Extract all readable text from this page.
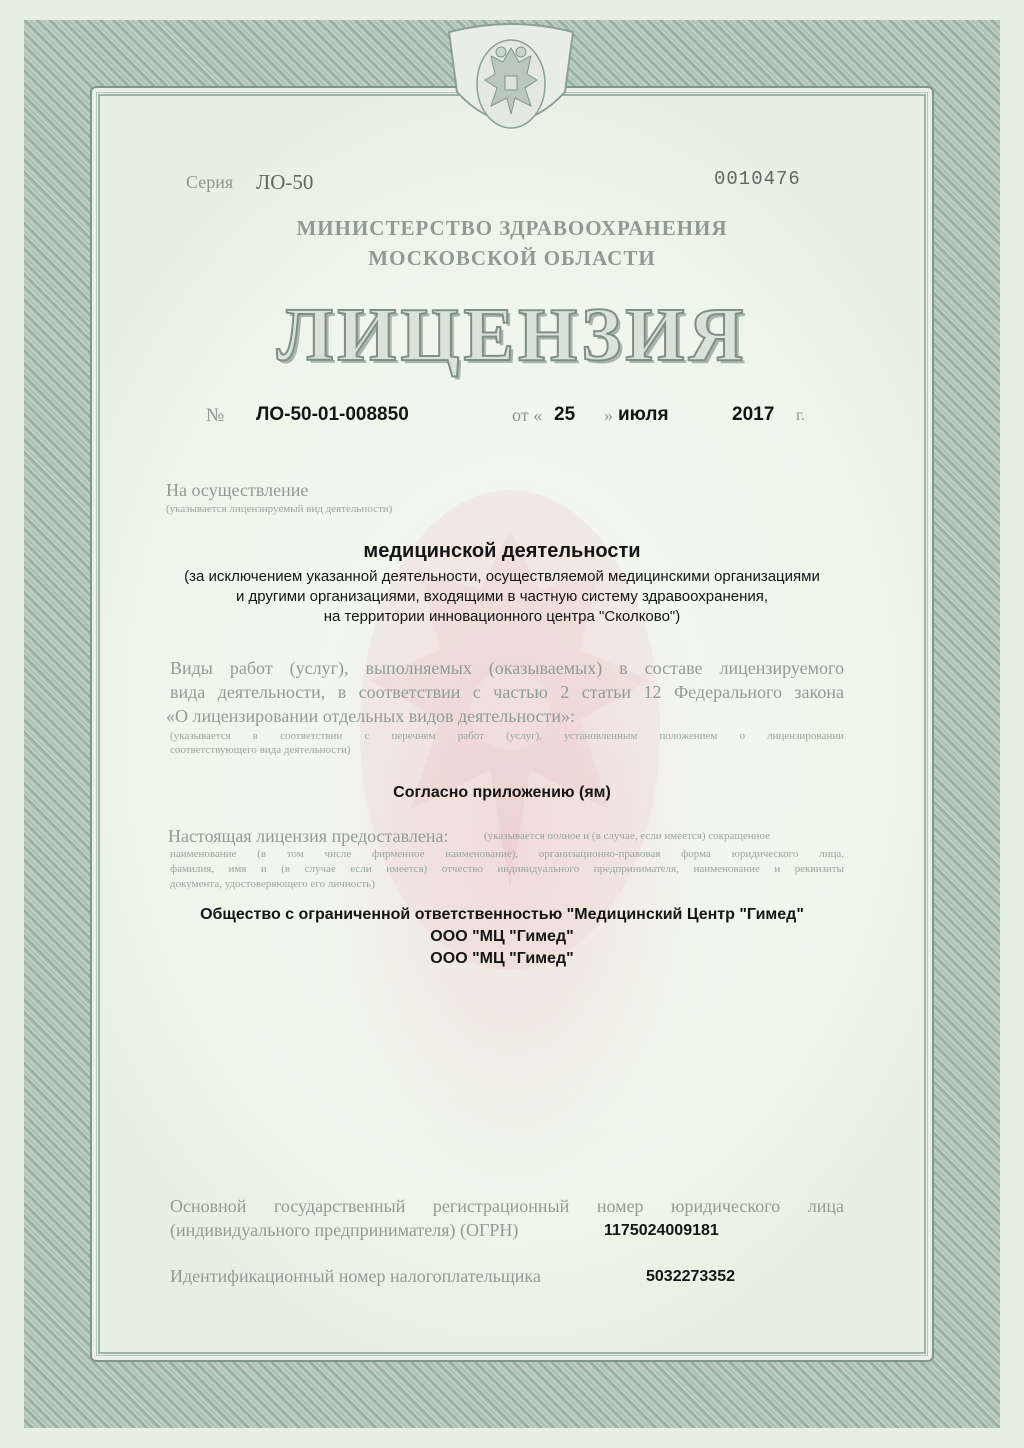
Серия ЛО-50	0010476
МИНИСТЕРСТВО ЗДРАВООХРАНЕНИЯ
МОСКОВСКОЙ ОБЛАСТИ
ЛИЦЕНЗИЯ
№ ЛО-50-01-008850	от « 25 » июля	2017 г.
На осуществление
(указывается лицензируемый вид деятельности)
медицинской деятельности
(за исключением указанной деятельности, осуществляемой медицинскими организациями
и другими организациями, входящими в частную систему здравоохранения,
на территории инновационного центра "Сколково")
Виды работ (услуг), выполняемых (оказываемых) в составе лицензируемого
вида деятельности, в соответствии с частью 2 статьи 12 Федерального закона
«О лицензировании отдельных видов деятельности»:
(указывается в соответствии с перечнем работ (услуг), установленным положением о лицензировании
соответствующего вида деятельности)
Согласно приложению (ям)
Настоящая лицензия предоставлена:	(указывается полное и (в случае, если имеется) сокращенное
наименование (в том числе фирменное наименование), организационно-правовая форма юридического лица,
фамилия, имя и (в случае если имеется) отчество индивидуального предпринимателя, наименование и реквизиты
документа, удостоверяющего его личность)
Общество с ограниченной ответственностью "Медицинский Центр "Гимед"
ООО "МЦ "Гимед"
ООО "МЦ "Гимед"
Основной государственный регистрационный номер юридического лица
(индивидуального предпринимателя) (ОГРН)	1175024009181
Идентификационный номер налогоплательщика	5032273352
